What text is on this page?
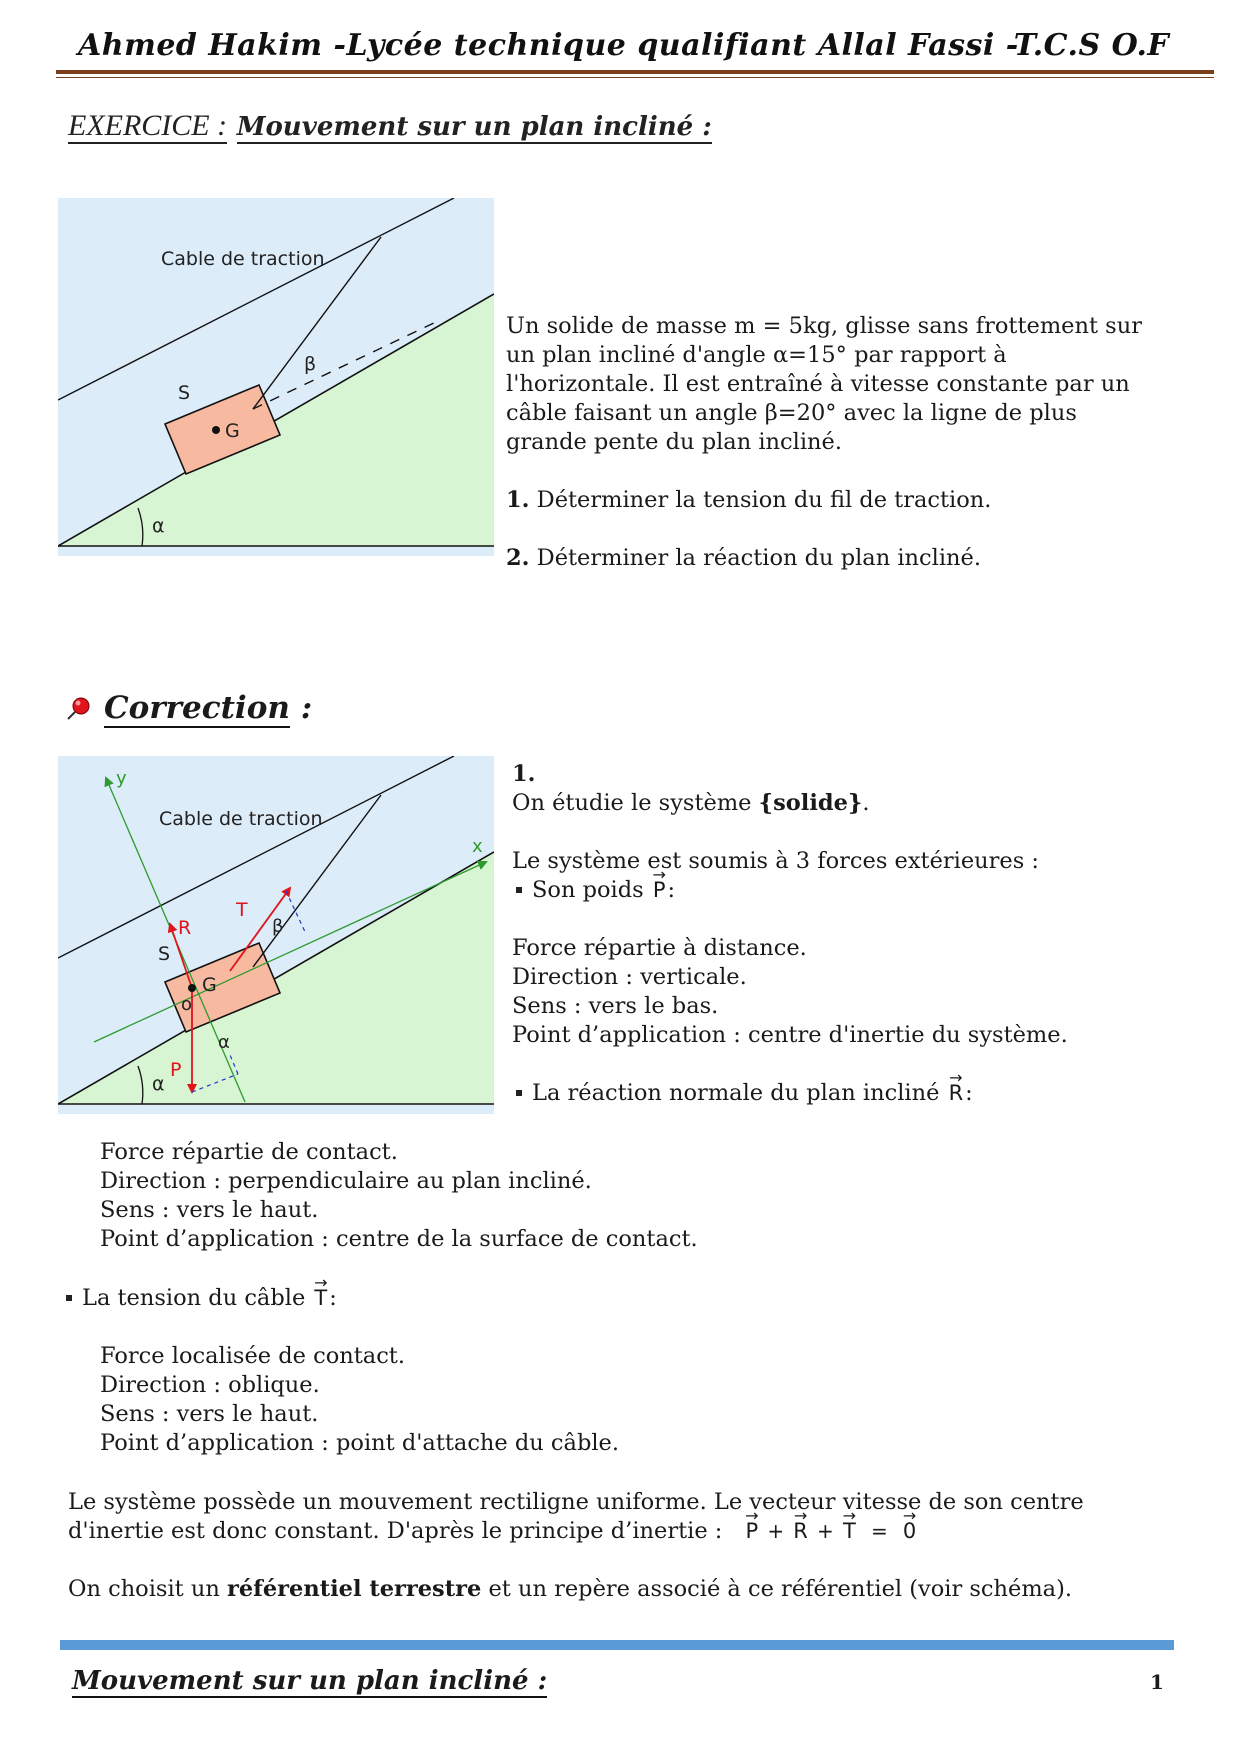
Ahmed Hakim -Lycée technique qualifiant Allal Fassi -T.C.S O.F
EXERCICE : Mouvement sur un plan incliné :
Cable de traction
S
G
β
α

Un solide de masse m = 5kg, glisse sans frottement sur

un plan incliné d'angle α=15° par rapport à

l'horizontale. Il est entraîné à vitesse constante par un

câble faisant un angle β=20° avec la ligne de plus

grande pente du plan incliné.

1. Déterminer la tension du fil de traction.

2. Déterminer la réaction du plan incliné.

Correction :
Cable de traction
y
x
R
T
β
S
G
o
α
P
α

1.

On étudie le système {solide}.

Le système est soumis à 3 forces extérieures :

Son poids → P:

Force répartie à distance.

Direction : verticale.

Sens : vers le bas.

Point d’application : centre d'inertie du système.

La réaction normale du plan incliné → R:

Force répartie de contact.

Direction : perpendiculaire au plan incliné.

Sens : vers le haut.

Point d’application : centre de la surface de contact.

La tension du câble → T:

Force localisée de contact.

Direction : oblique.

Sens : vers le haut.

Point d’application : point d'attache du câble.

Le système possède un mouvement rectiligne uniforme. Le vecteur vitesse de son centre

d'inertie est donc constant. D'après le principe d’inertie : → P + → R + → T = → 0

On choisit un référentiel terrestre et un repère associé à ce référentiel (voir schéma).

Mouvement sur un plan incliné :	1
